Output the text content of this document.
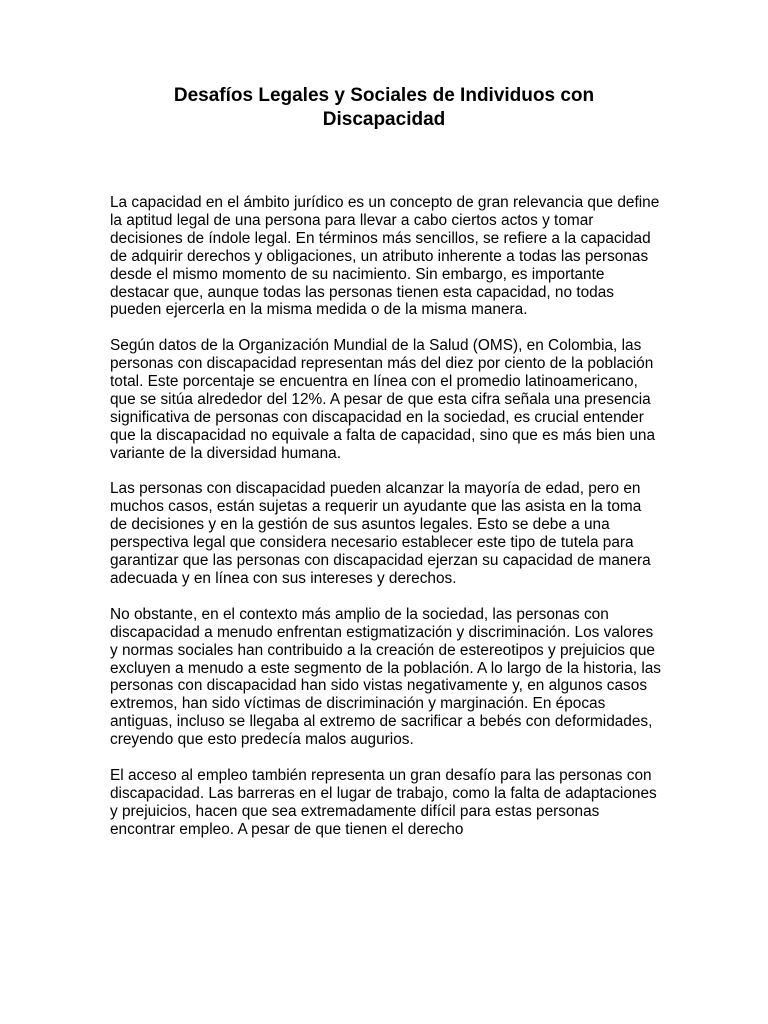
Desafíos Legales y Sociales de Individuos con Discapacidad

La capacidad en el ámbito jurídico es un concepto de gran relevancia que define la aptitud legal de una persona para llevar a cabo ciertos actos y tomar decisiones de índole legal. En términos más sencillos, se refiere a la capacidad de adquirir derechos y obligaciones, un atributo inherente a todas las personas desde el mismo momento de su nacimiento. Sin embargo, es importante destacar que, aunque todas las personas tienen esta capacidad, no todas pueden ejercerla en la misma medida o de la misma manera.

Según datos de la Organización Mundial de la Salud (OMS), en Colombia, las personas con discapacidad representan más del diez por ciento de la población total. Este porcentaje se encuentra en línea con el promedio latinoamericano, que se sitúa alrededor del 12%. A pesar de que esta cifra señala una presencia significativa de personas con discapacidad en la sociedad, es crucial entender que la discapacidad no equivale a falta de capacidad, sino que es más bien una variante de la diversidad humana.

Las personas con discapacidad pueden alcanzar la mayoría de edad, pero en muchos casos, están sujetas a requerir un ayudante que las asista en la toma de decisiones y en la gestión de sus asuntos legales. Esto se debe a una perspectiva legal que considera necesario establecer este tipo de tutela para garantizar que las personas con discapacidad ejerzan su capacidad de manera adecuada y en línea con sus intereses y derechos.

No obstante, en el contexto más amplio de la sociedad, las personas con discapacidad a menudo enfrentan estigmatización y discriminación. Los valores y normas sociales han contribuido a la creación de estereotipos y prejuicios que excluyen a menudo a este segmento de la población. A lo largo de la historia, las personas con discapacidad han sido vistas negativamente y, en algunos casos extremos, han sido víctimas de discriminación y marginación. En épocas antiguas, incluso se llegaba al extremo de sacrificar a bebés con deformidades, creyendo que esto predecía malos augurios.

El acceso al empleo también representa un gran desafío para las personas con discapacidad. Las barreras en el lugar de trabajo, como la falta de adaptaciones y prejuicios, hacen que sea extremadamente difícil para estas personas encontrar empleo. A pesar de que tienen el derecho
